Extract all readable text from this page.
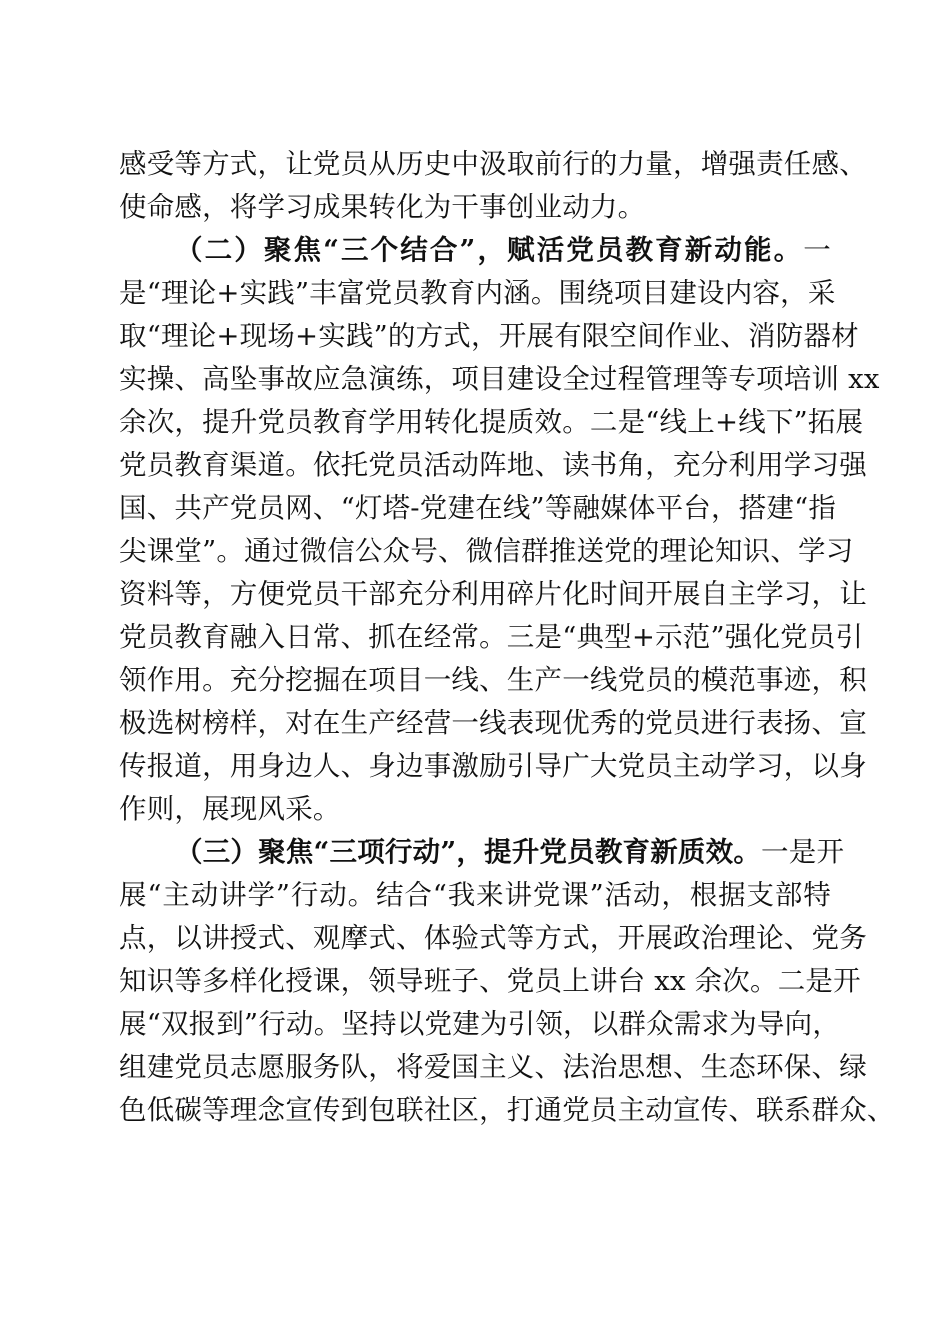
感受等方式，让党员从历史中汲取前行的力量，增强责任感、
使命感，将学习成果转化为干事创业动力。
（二）聚焦“三个结合”，赋活党员教育新动能。一
是“理论+实践”丰富党员教育内涵。围绕项目建设内容，采
取“理论+现场+实践”的方式，开展有限空间作业、消防器材
实操、高坠事故应急演练，项目建设全过程管理等专项培训 xx
余次，提升党员教育学用转化提质效。二是“线上+线下”拓展
党员教育渠道。依托党员活动阵地、读书角，充分利用学习强
国、共产党员网、“灯塔-党建在线”等融媒体平台，搭建“指
尖课堂”。通过微信公众号、微信群推送党的理论知识、学习
资料等，方便党员干部充分利用碎片化时间开展自主学习，让
党员教育融入日常、抓在经常。三是“典型+示范”强化党员引
领作用。充分挖掘在项目一线、生产一线党员的模范事迹，积
极选树榜样，对在生产经营一线表现优秀的党员进行表扬、宣
传报道，用身边人、身边事激励引导广大党员主动学习，以身
作则，展现风采。
（三）聚焦“三项行动”，提升党员教育新质效。一是开
展“主动讲学”行动。结合“我来讲党课”活动，根据支部特
点，以讲授式、观摩式、体验式等方式，开展政治理论、党务
知识等多样化授课，领导班子、党员上讲台 xx 余次。二是开
展“双报到”行动。坚持以党建为引领，以群众需求为导向，
组建党员志愿服务队，将爱国主义、法治思想、生态环保、绿
色低碳等理念宣传到包联社区，打通党员主动宣传、联系群众、
